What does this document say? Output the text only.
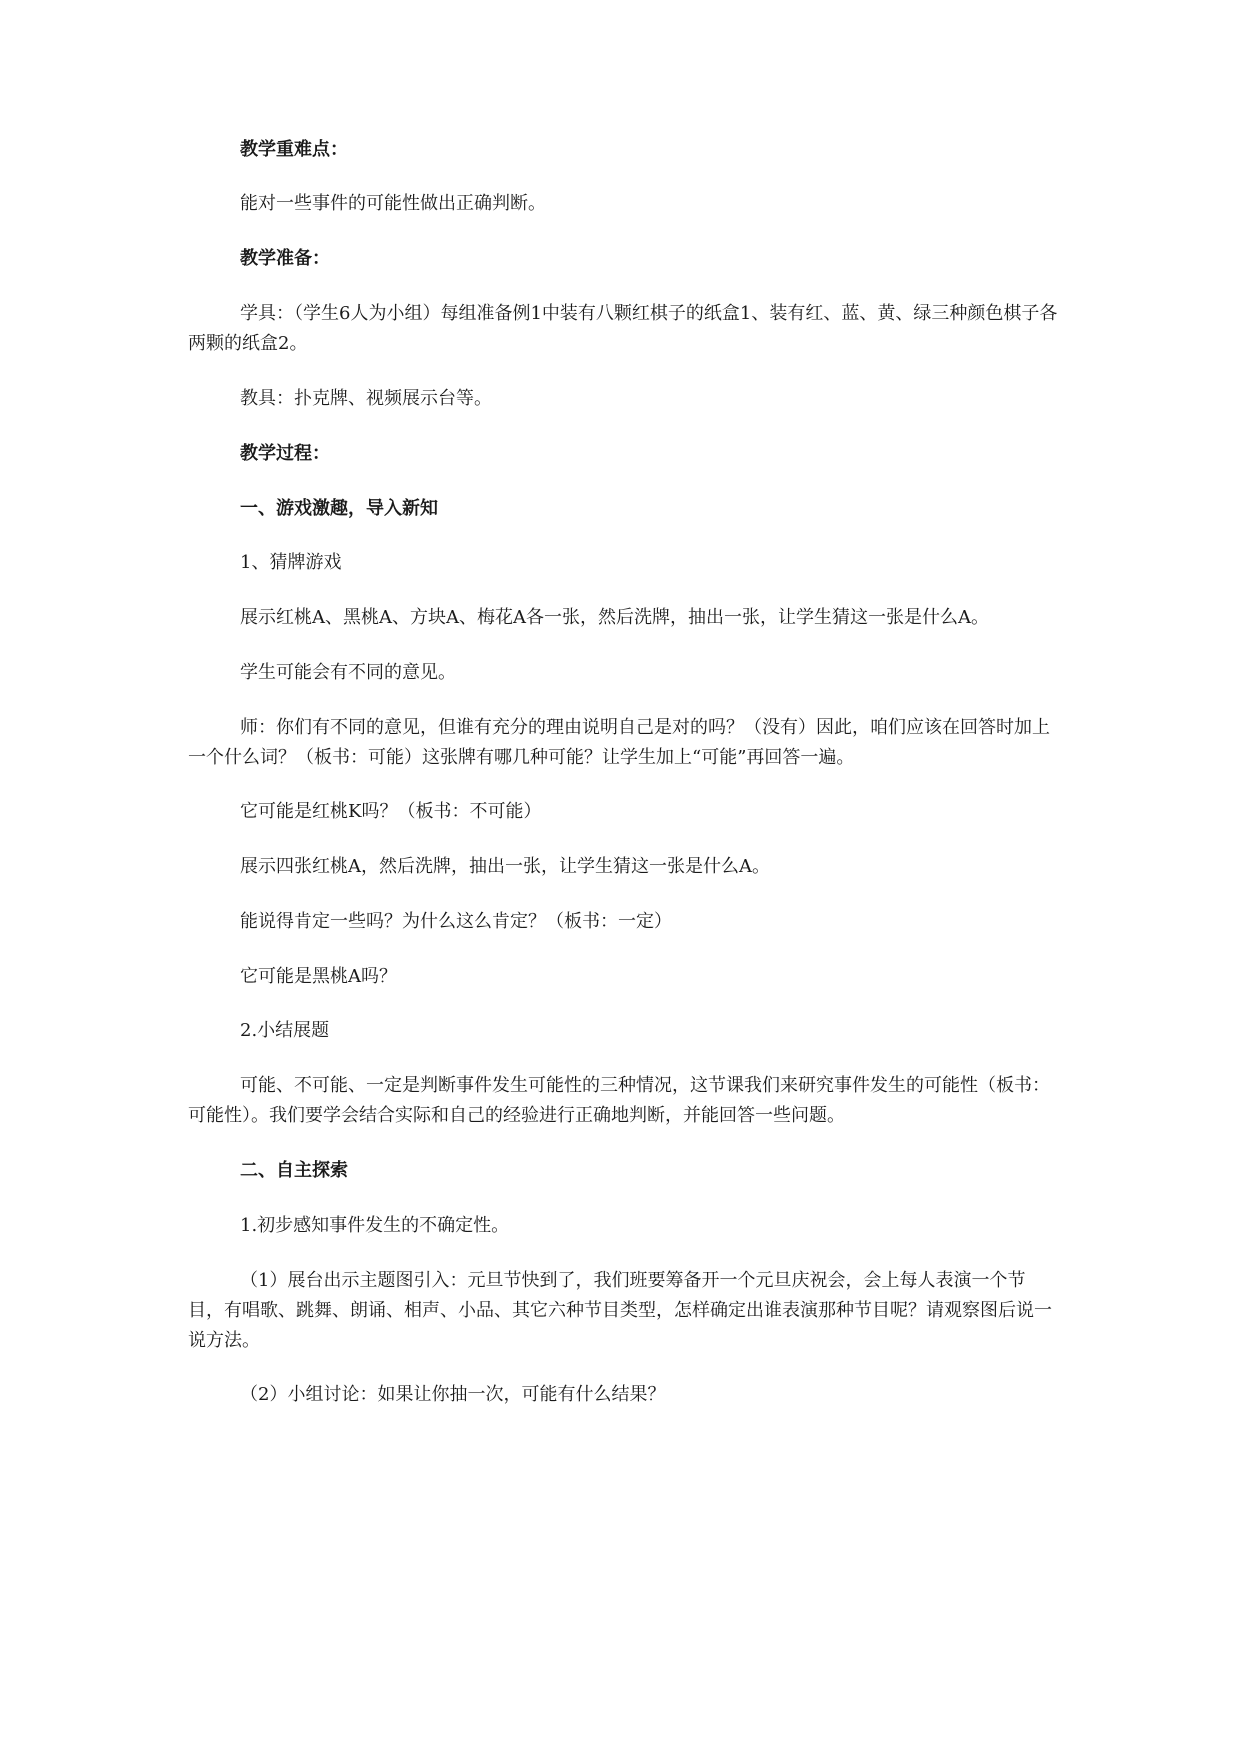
教学重难点：

能对一些事件的可能性做出正确判断。

教学准备：

学具：（学生6人为小组）每组准备例1中装有八颗红棋子的纸盒1、装有红、蓝、黄、绿三种颜色棋子各两颗的纸盒2。

教具：扑克牌、视频展示台等。

教学过程：

一、游戏激趣，导入新知

1、猜牌游戏

展示红桃A、黑桃A、方块A、梅花A各一张，然后洗牌，抽出一张，让学生猜这一张是什么A。

学生可能会有不同的意见。

师：你们有不同的意见，但谁有充分的理由说明自己是对的吗？（没有）因此，咱们应该在回答时加上一个什么词？（板书：可能）这张牌有哪几种可能？让学生加上“可能”再回答一遍。

它可能是红桃K吗？（板书：不可能）

展示四张红桃A，然后洗牌，抽出一张，让学生猜这一张是什么A。

能说得肯定一些吗？为什么这么肯定？（板书：一定）

它可能是黑桃A吗？

2.小结展题

可能、不可能、一定是判断事件发生可能性的三种情况，这节课我们来研究事件发生的可能性（板书：可能性）。我们要学会结合实际和自己的经验进行正确地判断，并能回答一些问题。

二、自主探索

1.初步感知事件发生的不确定性。

（1）展台出示主题图引入：元旦节快到了，我们班要筹备开一个元旦庆祝会，会上每人表演一个节目，有唱歌、跳舞、朗诵、相声、小品、其它六种节目类型，怎样确定出谁表演那种节目呢？请观察图后说一说方法。

（2）小组讨论：如果让你抽一次，可能有什么结果？
